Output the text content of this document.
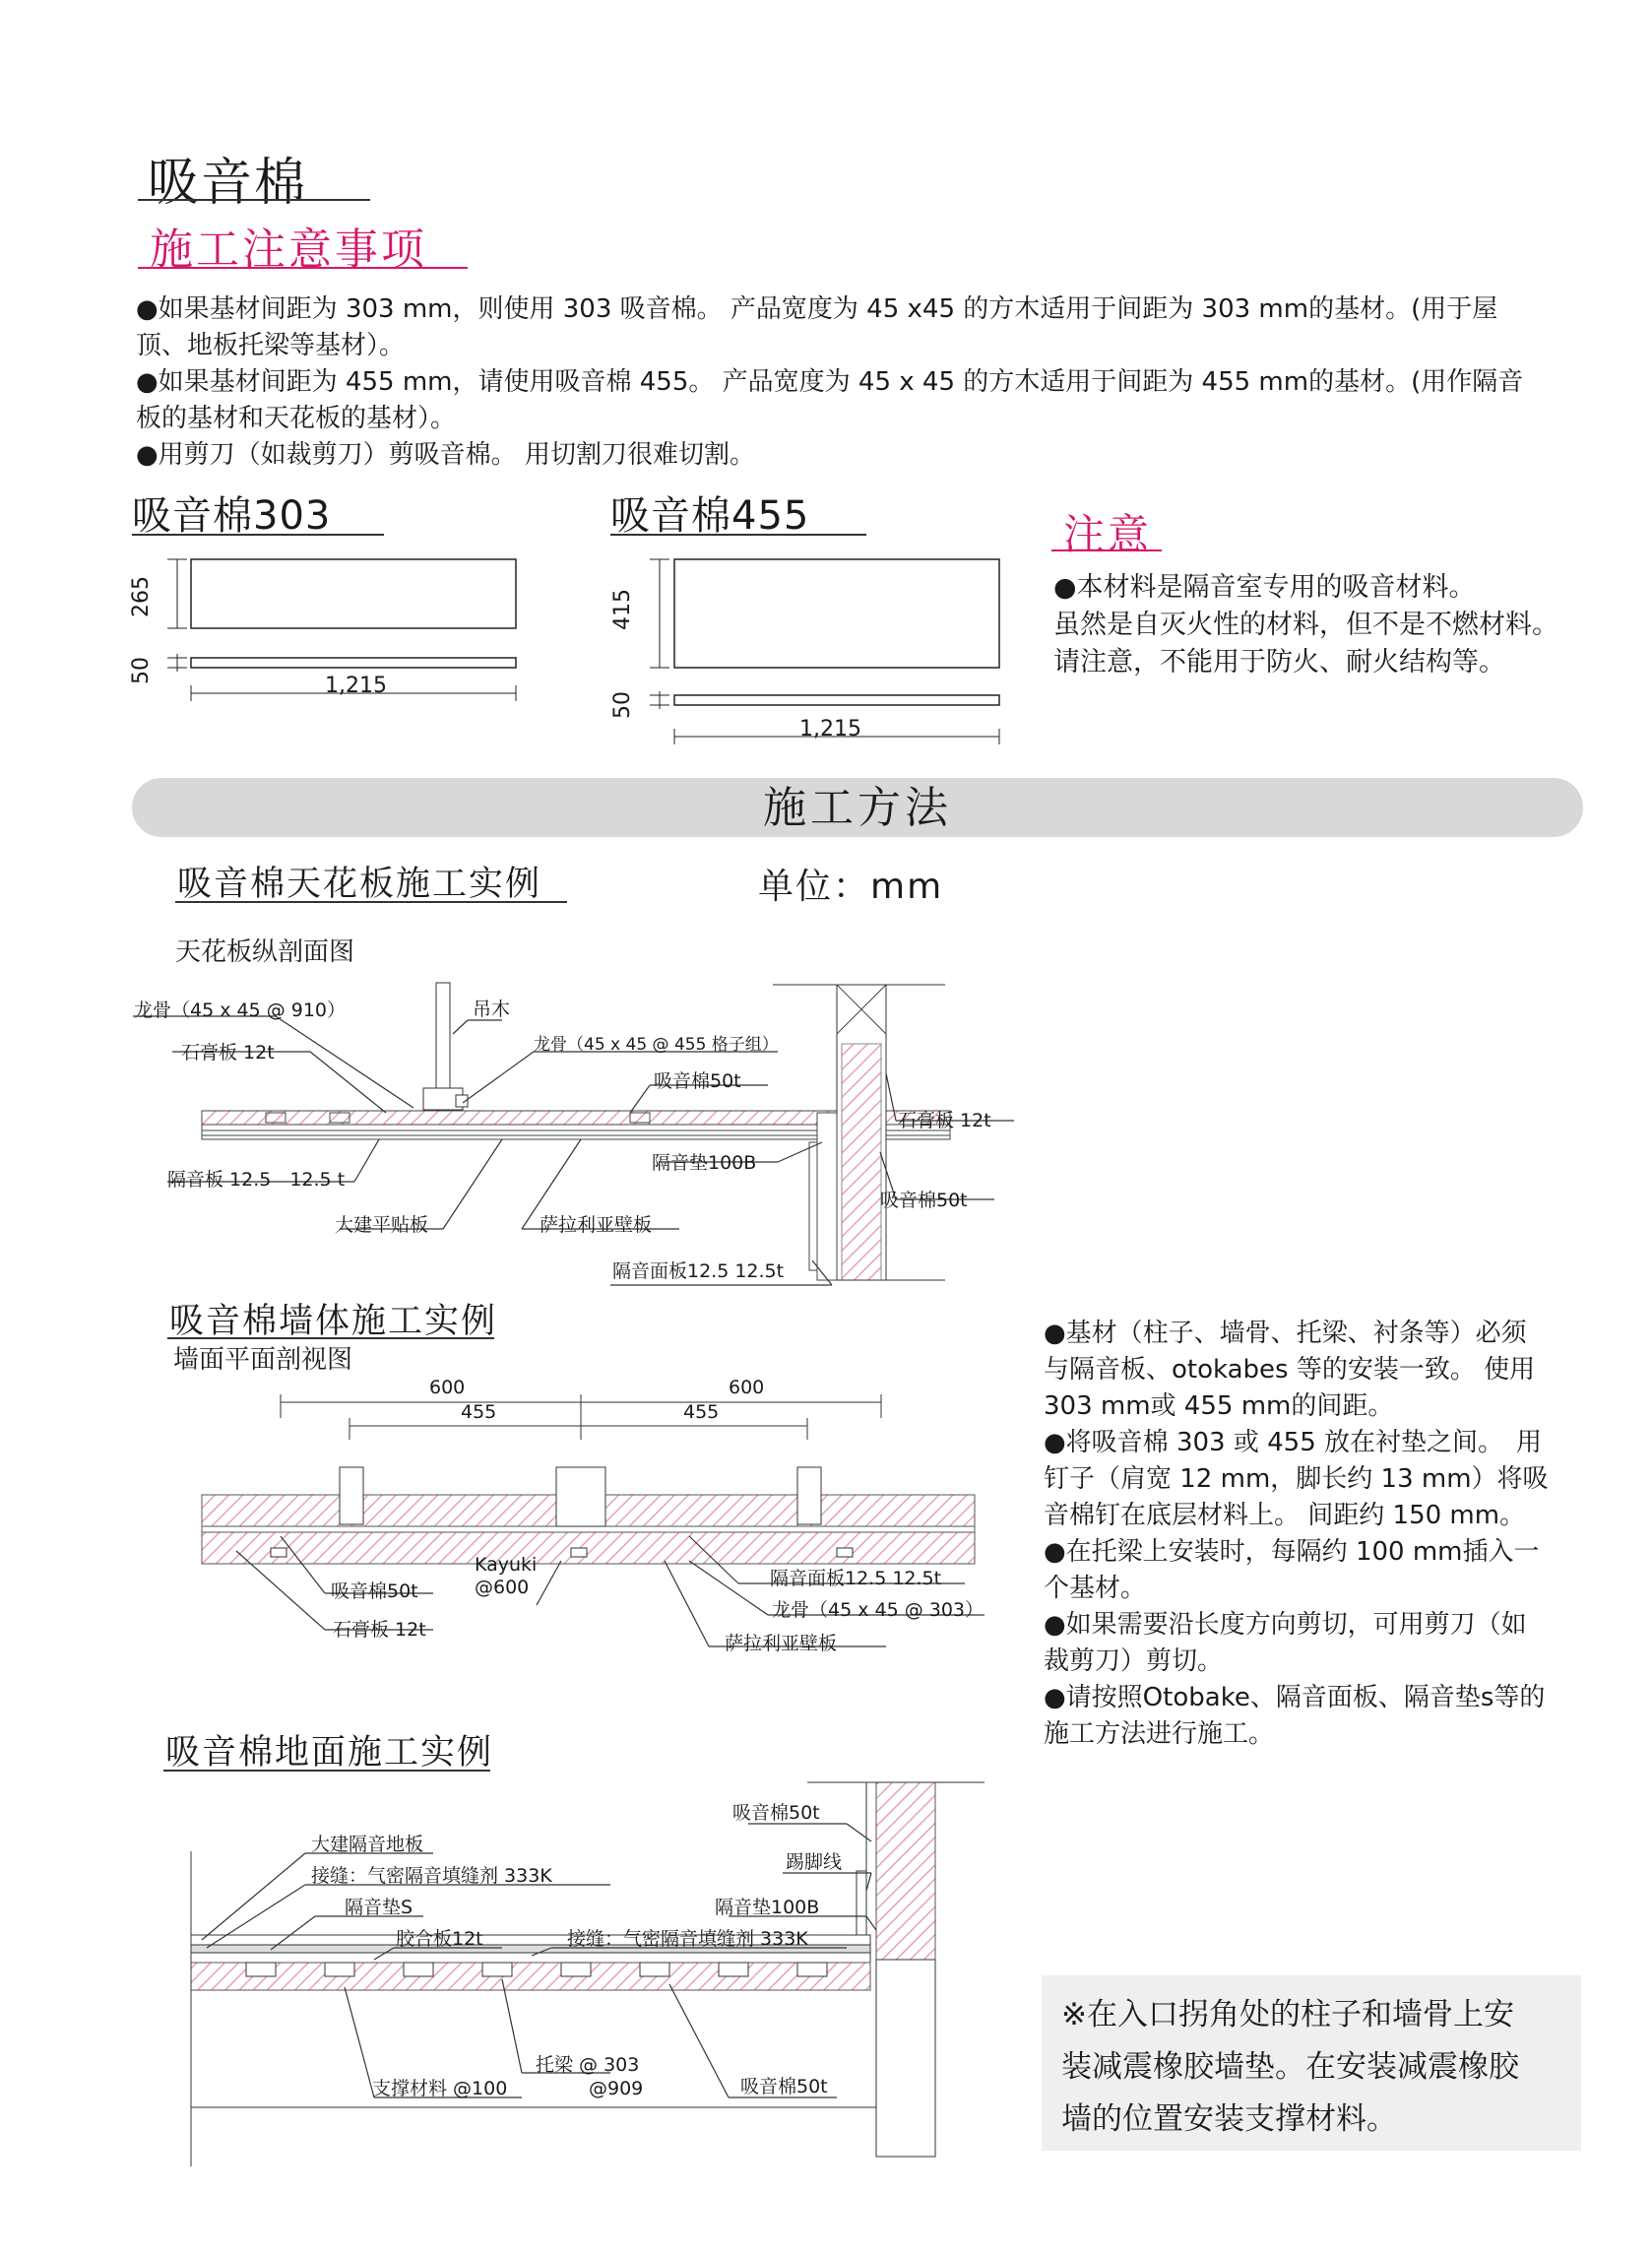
吸音棉
施工注意事项

●如果基材间距为 303 mm，则使用 303 吸音棉。 产品宽度为 45 x45 的方木适用于间距为 303 mm的基材。(用于屋

顶、地板托梁等基材）。

●如果基材间距为 455 mm，请使用吸音棉 455。 产品宽度为 45 x 45 的方木适用于间距为 455 mm的基材。(用作隔音

板的基材和天花板的基材）。

●用剪刀（如裁剪刀）剪吸音棉。 用切割刀很难切割。

吸音棉303
265
50
1,215
吸音棉455
415
50
1,215
注意
●本材料是隔音室专用的吸音材料。
虽然是自灭火性的材料，但不是不燃材料。
请注意，不能用于防火、耐火结构等。
施工方法
吸音棉天花板施工实例	单位：mm
天花板纵剖面图
龙骨（45 x 45 @ 910）	吊木
石膏板 12t	龙骨（45 x 45 @ 455 格子组）
吸音棉50t
石膏板 12t
隔音垫100B
吸音棉50t
隔音板 12.5　12.5 t
大建平贴板	萨拉利亚壁板
隔音面板12.5 12.5t
吸音棉墙体施工实例
墙面平面剖视图
600	600
455	455
吸音棉50t
Kayuki
@600
石膏板 12t
隔音面板12.5 12.5t
龙骨（45 x 45 @ 303）
萨拉利亚壁板

●基材（柱子、墙骨、托梁、衬条等）必须

与隔音板、otokabes 等的安装一致。 使用

303 mm或 455 mm的间距。

●将吸音棉 303 或 455 放在衬垫之间。　用

钉子（肩宽 12 mm，脚长约 13 mm）将吸

音棉钉在底层材料上。 间距约 150 mm。

●在托梁上安装时，每隔约 100 mm插入一

个基材。

●如果需要沿长度方向剪切，可用剪刀（如

裁剪刀）剪切。

●请按照Otobake、隔音面板、隔音垫s等的

施工方法进行施工。

吸音棉地面施工实例
吸音棉50t
大建隔音地板
踢脚线
接缝：气密隔音填缝剂 333K
隔音垫S	隔音垫100B
胶合板12t	接缝：气密隔音填缝剂 333K
支撑材料 @100
托梁 @ 303
@909	吸音棉50t
※在入口拐角处的柱子和墙骨上安
装减震橡胶墙垫。在安装减震橡胶
墙的位置安装支撑材料。
